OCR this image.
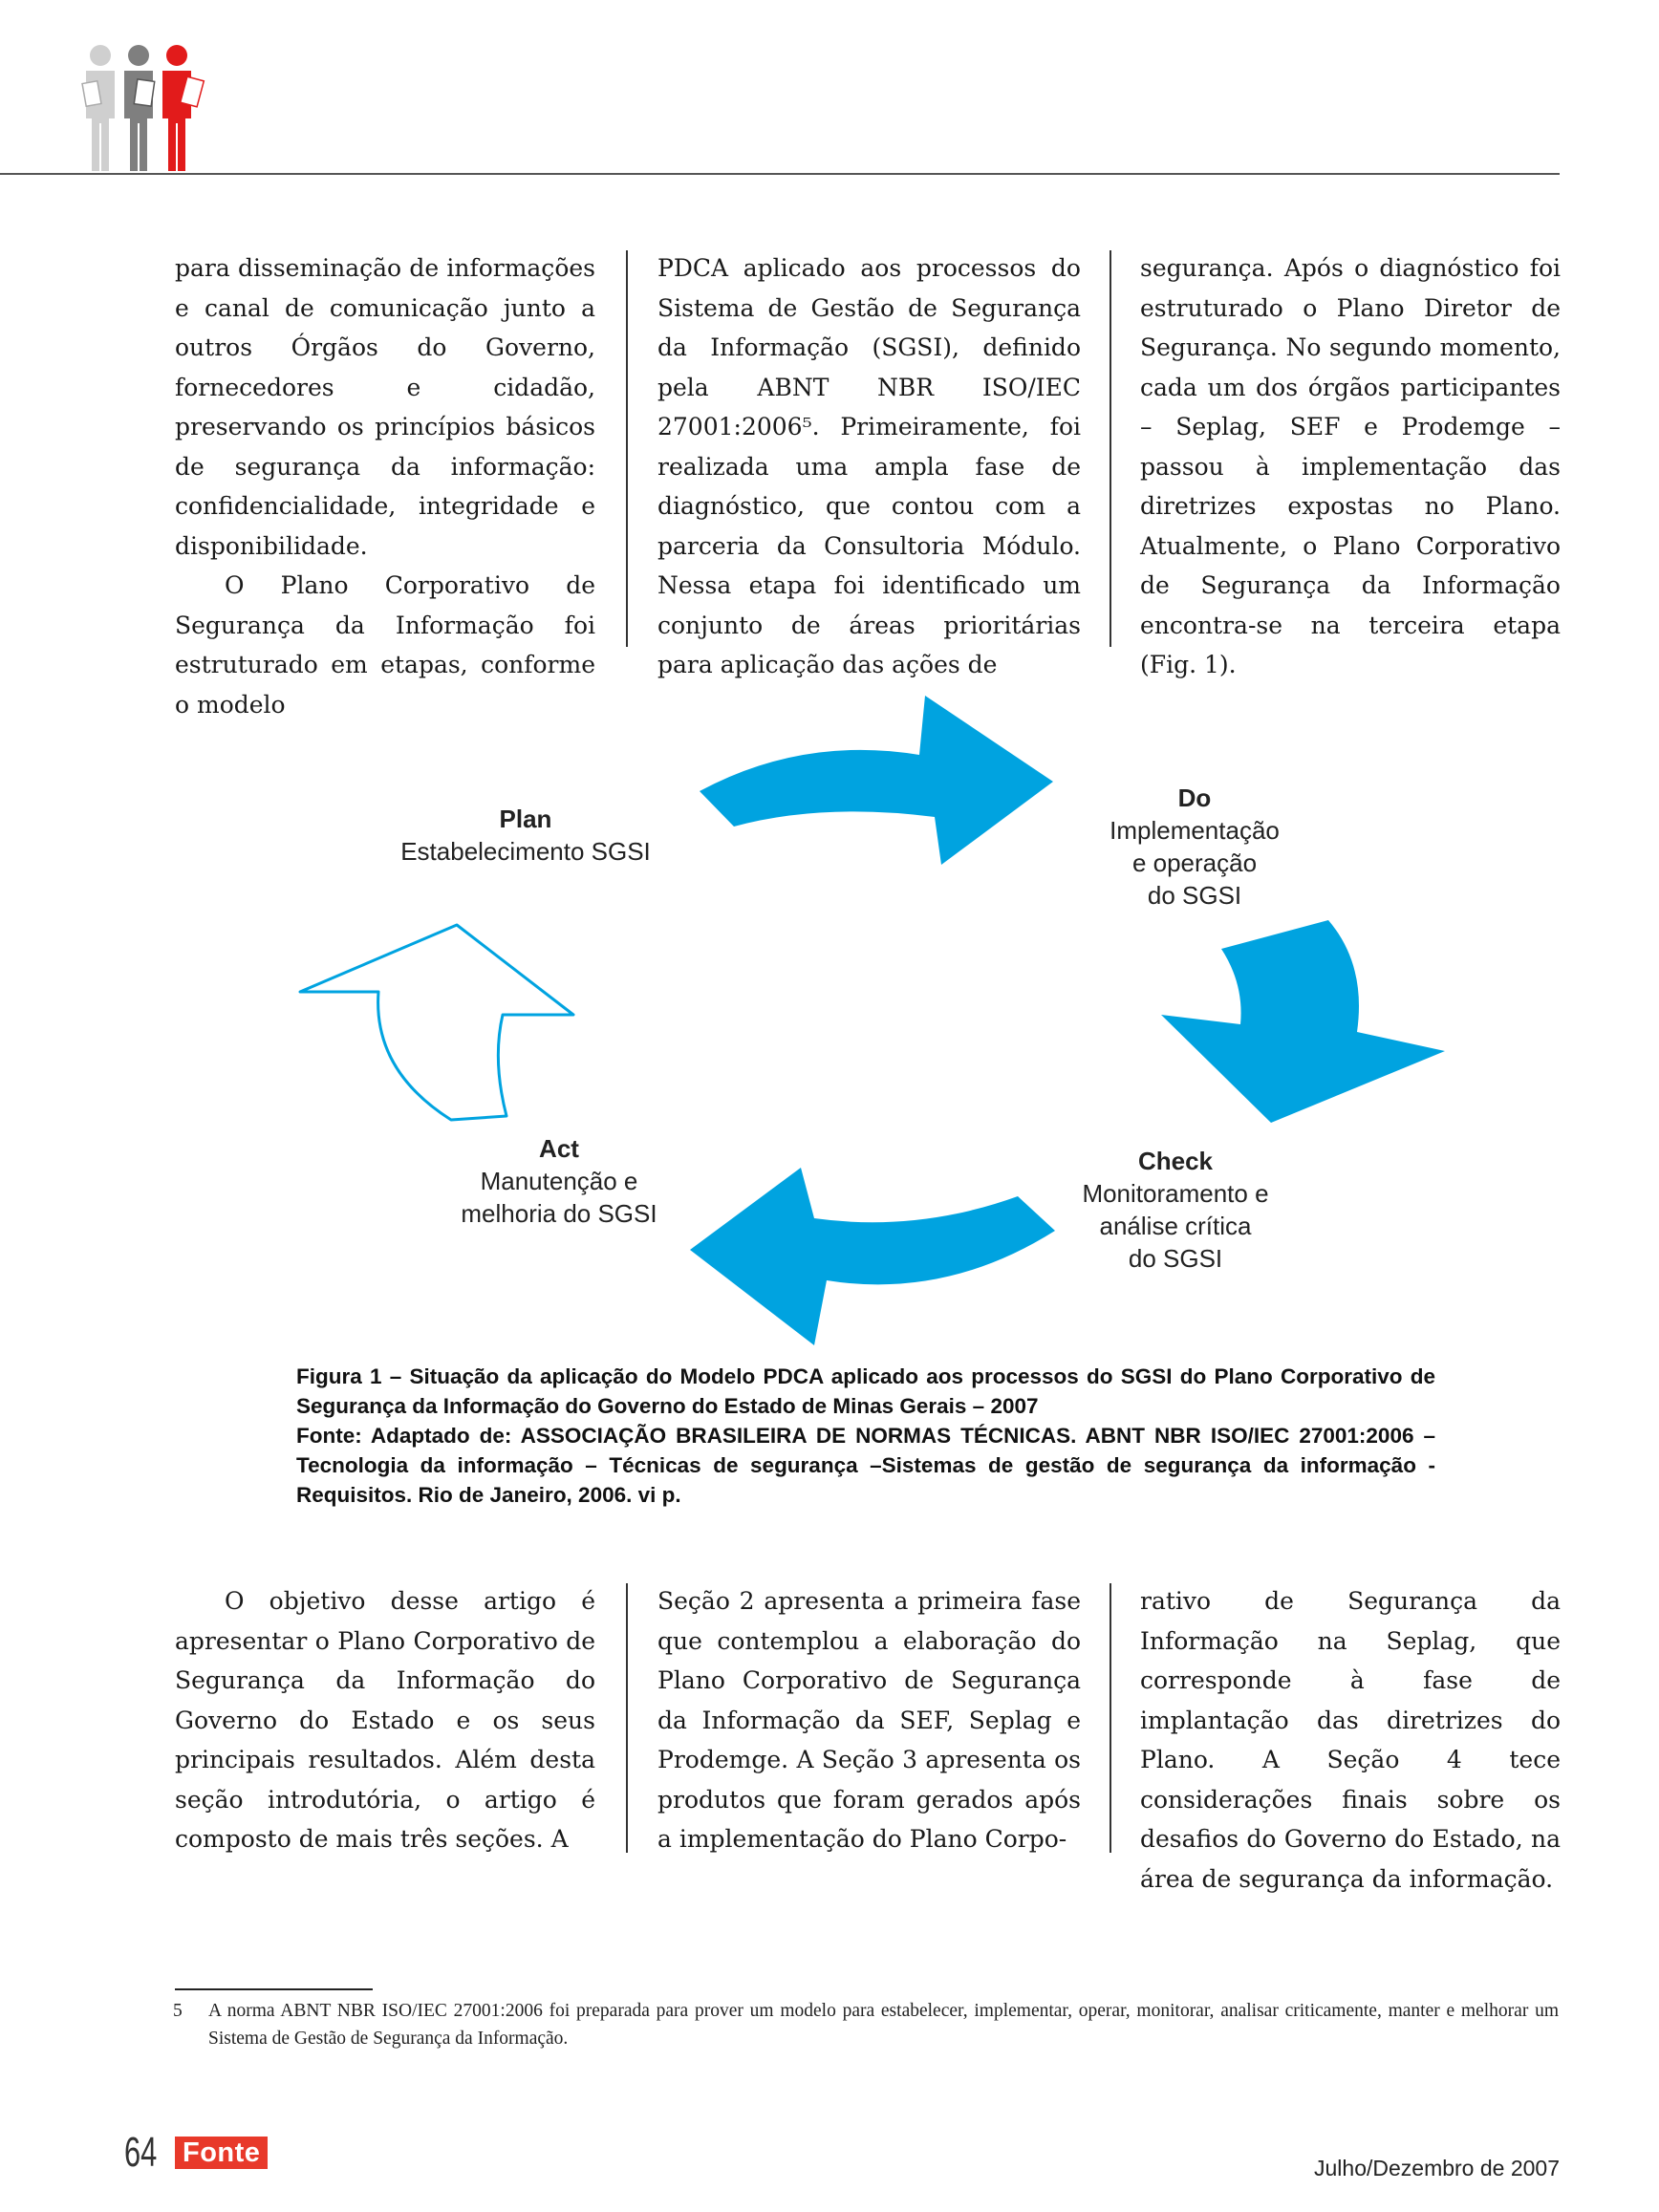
para disseminação de informações e canal de comunicação junto a outros Órgãos do Governo, fornecedores e cidadão, preservando os princípios básicos de segurança da informação: confidencialidade, integridade e disponibilidade.

O Plano Corporativo de Segurança da Informação foi estruturado em etapas, conforme o modelo

PDCA aplicado aos processos do Sistema de Gestão de Segurança da Informação (SGSI), definido pela ABNT NBR ISO/IEC 27001:2006⁵. Primeiramente, foi realizada uma ampla fase de diagnóstico, que contou com a parceria da Consultoria Módulo. Nessa etapa foi identificado um conjunto de áreas prioritárias para aplicação das ações de

segurança. Após o diagnóstico foi estruturado o Plano Diretor de Segurança. No segundo momento, cada um dos órgãos participantes – Seplag, SEF e Prodemge – passou à implementação das diretrizes expostas no Plano. Atualmente, o Plano Corporativo de Segurança da Informação encontra-se na terceira etapa (Fig. 1).

Plan
Estabelecimento SGSI
Do
Implementação
e operação
do SGSI
Check
Monitoramento e
análise crítica
do SGSI
Act
Manutenção e
melhoria do SGSI
Figura 1 – Situação da aplicação do Modelo PDCA aplicado aos processos do SGSI do Plano Corporativo de Segurança da Informação do Governo do Estado de Minas Gerais – 2007
Fonte: Adaptado de: ASSOCIAÇÃO BRASILEIRA DE NORMAS TÉCNICAS. ABNT NBR ISO/IEC 27001:2006 – Tecnologia da informação – Técnicas de segurança –Sistemas de gestão de segurança da informação - Requisitos. Rio de Janeiro, 2006. vi p.

O objetivo desse artigo é apresentar o Plano Corporativo de Segurança da Informação do Governo do Estado e os seus principais resultados. Além desta seção introdutória, o artigo é composto de mais três seções. A

Seção 2 apresenta a primeira fase que contemplou a elaboração do Plano Corporativo de Segurança da Informação da SEF, Seplag e Prodemge. A Seção 3 apresenta os produtos que foram gerados após a implementação do Plano Corpo-

rativo de Segurança da Informação na Seplag, que corresponde à fase de implantação das diretrizes do Plano. A Seção 4 tece considerações finais sobre os desafios do Governo do Estado, na área de segurança da informação.

5 A norma ABNT NBR ISO/IEC 27001:2006 foi preparada para prover um modelo para estabelecer, implementar, operar, monitorar, analisar criticamente, manter e melhorar um Sistema de Gestão de Segurança da Informação.
64 Fonte	Julho/Dezembro de 2007
